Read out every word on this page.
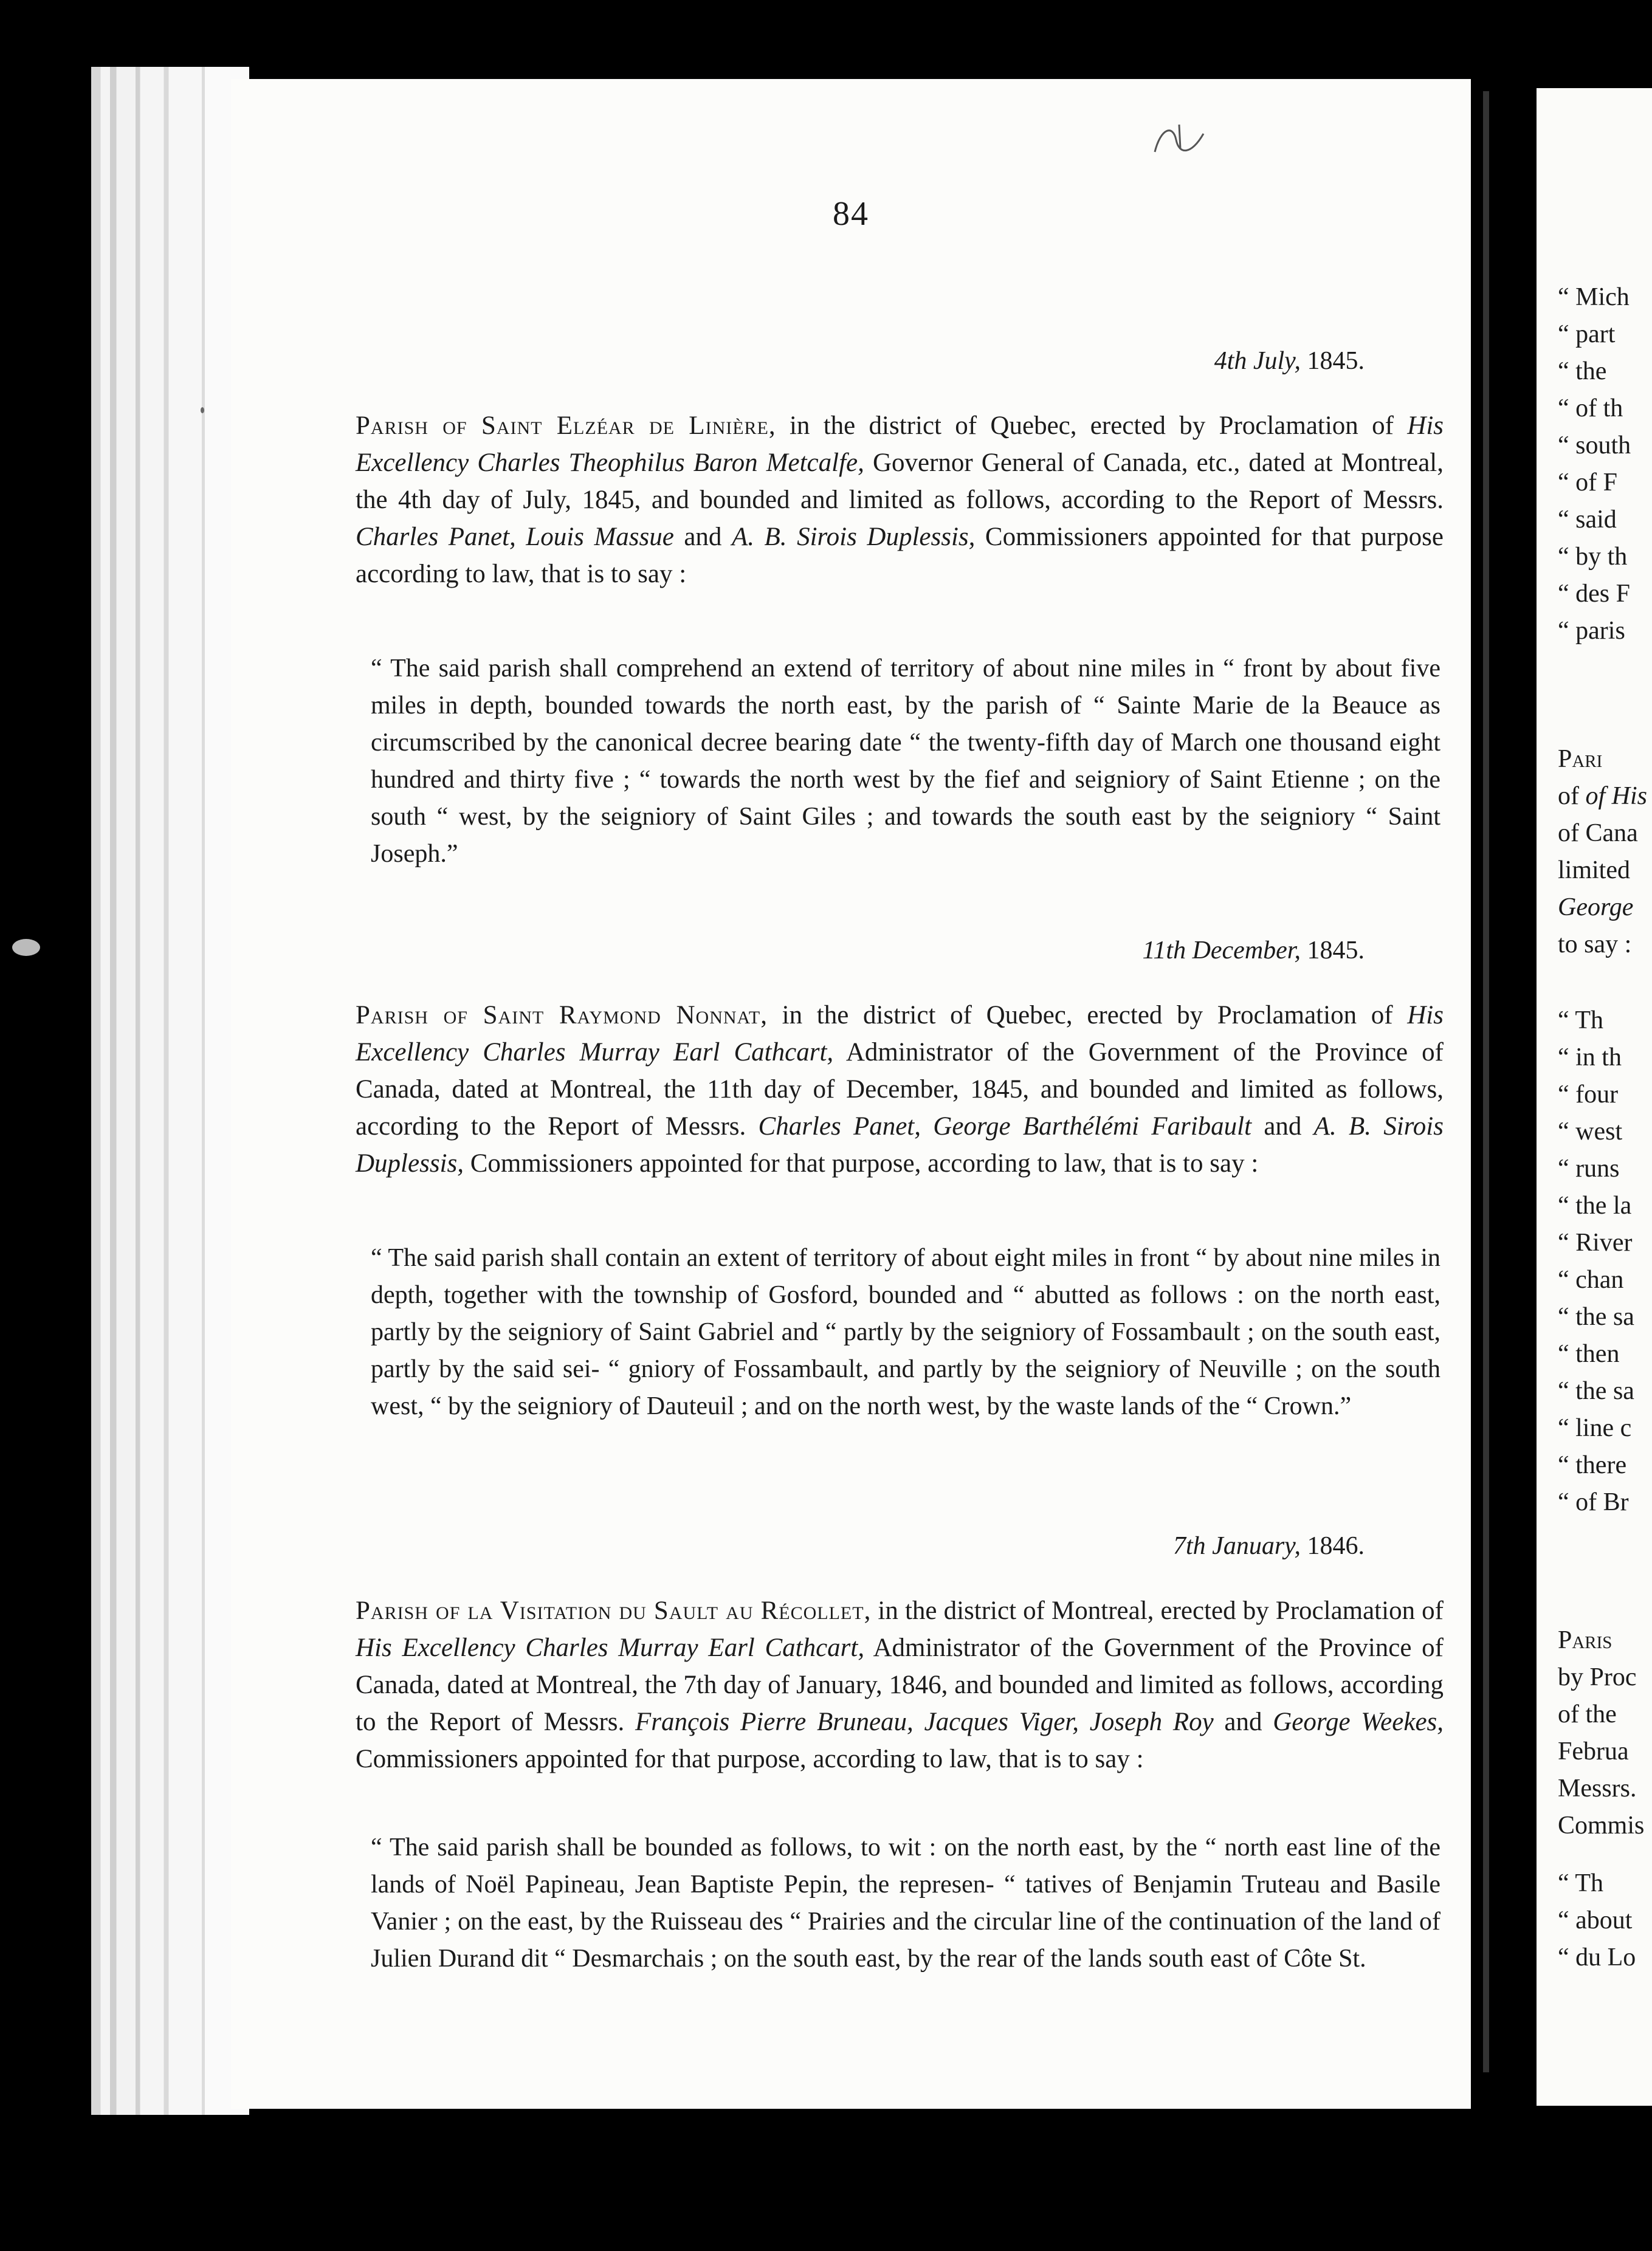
84
4th July, 1845.
Parish of Saint Elzéar de Linière, in the district of Quebec, erected by Proclamation of His Excellency Charles Theophilus Baron Metcalfe, Governor General of Canada, etc., dated at Montreal, the 4th day of July, 1845, and bounded and limited as follows, according to the Report of Messrs. Charles Panet, Louis Massue and A. B. Sirois Duplessis, Commissioners appointed for that purpose according to law, that is to say :
“ The said parish shall comprehend an extend of territory of about nine miles in “ front by about five miles in depth, bounded towards the north east, by the parish of “ Sainte Marie de la Beauce as circumscribed by the canonical decree bearing date “ the twenty-fifth day of March one thousand eight hundred and thirty five ; “ towards the north west by the fief and seigniory of Saint Etienne ; on the south “ west, by the seigniory of Saint Giles ; and towards the south east by the seigniory “ Saint Joseph.”
11th December, 1845.
Parish of Saint Raymond Nonnat, in the district of Quebec, erected by Proclamation of His Excellency Charles Murray Earl Cathcart, Administrator of the Government of the Province of Canada, dated at Montreal, the 11th day of December, 1845, and bounded and limited as follows, according to the Report of Messrs. Charles Panet, George Barthélémi Faribault and A. B. Sirois Duplessis, Commissioners appointed for that purpose, according to law, that is to say :
“ The said parish shall contain an extent of territory of about eight miles in front “ by about nine miles in depth, together with the township of Gosford, bounded and “ abutted as follows : on the north east, partly by the seigniory of Saint Gabriel and “ partly by the seigniory of Fossambault ; on the south east, partly by the said sei- “ gniory of Fossambault, and partly by the seigniory of Neuville ; on the south west, “ by the seigniory of Dauteuil ; and on the north west, by the waste lands of the “ Crown.”
7th January, 1846.
Parish of la Visitation du Sault au Récollet, in the district of Montreal, erected by Proclamation of His Excellency Charles Murray Earl Cathcart, Administrator of the Government of the Province of Canada, dated at Montreal, the 7th day of January, 1846, and bounded and limited as follows, according to the Report of Messrs. François Pierre Bruneau, Jacques Viger, Joseph Roy and George Weekes, Commissioners appointed for that purpose, according to law, that is to say :
“ The said parish shall be bounded as follows, to wit : on the north east, by the “ north east line of the lands of Noël Papineau, Jean Baptiste Pepin, the represen- “ tatives of Benjamin Truteau and Basile Vanier ; on the east, by the Ruisseau des “ Prairies and the circular line of the continuation of the land of Julien Durand dit “ Desmarchais ; on the south east, by the rear of the lands south east of Côte St.
“ Mich
“ part
“ the
“ of th
“ south
“ of F
“ said
“ by th
“ des F
“ paris
Pari
of of His
of Cana
limited
George
to say :
“ Th
“ in th
“ four
“ west
“ runs
“ the la
“ River
“ chan
“ the sa
“ then
“ the sa
“ line c
“ there
“ of Br
Paris
by Proc
of the
Februa
Messrs.
Commis
“ Th
“ about
“ du Lo
